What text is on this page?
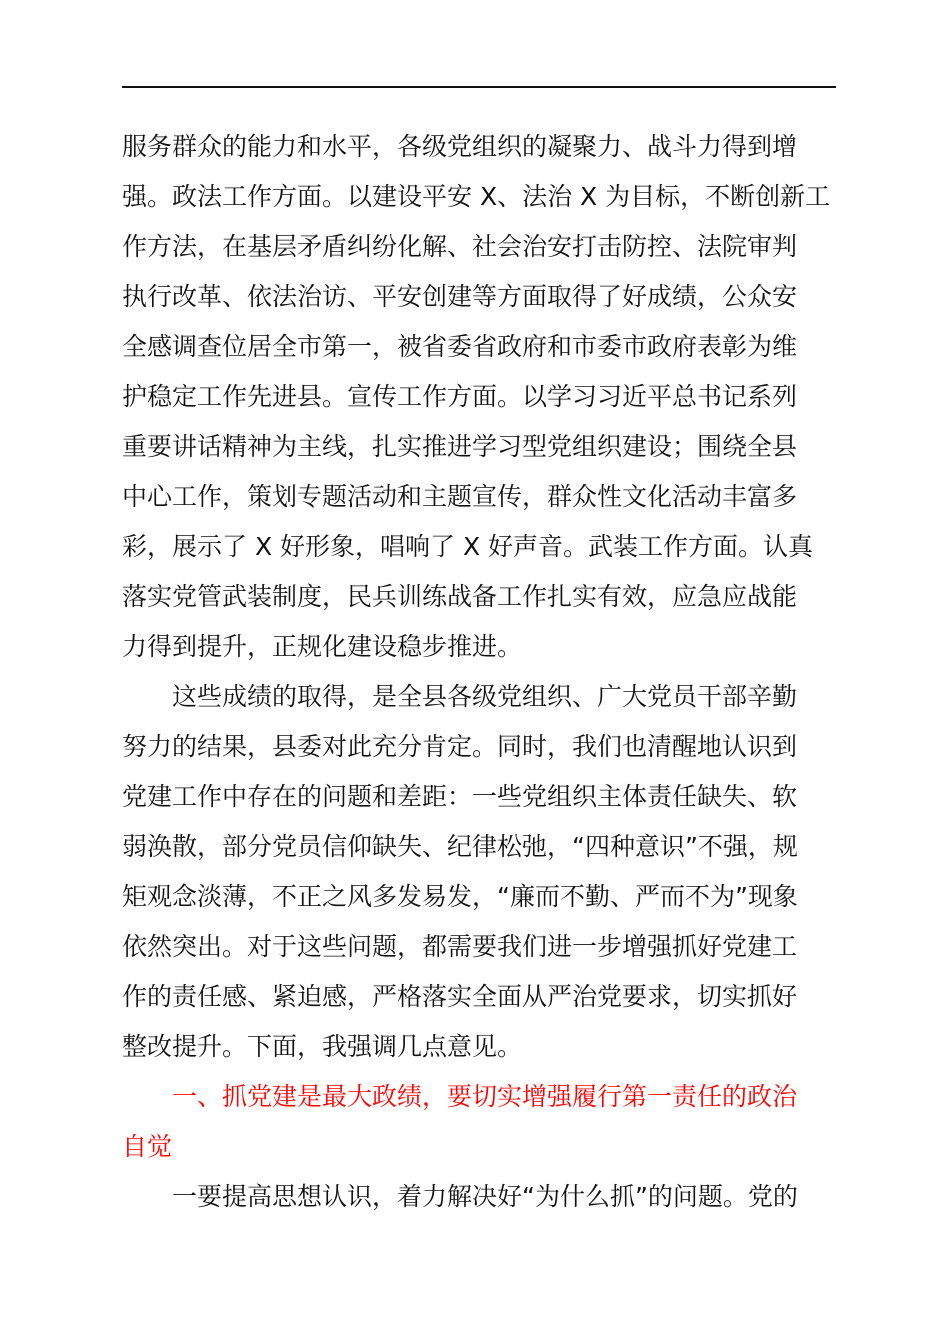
服务群众的能力和水平，各级党组织的凝聚力、战斗力得到增
强。政法工作方面。以建设平安 X、法治 X 为目标，不断创新工
作方法，在基层矛盾纠纷化解、社会治安打击防控、法院审判
执行改革、依法治访、平安创建等方面取得了好成绩，公众安
全感调查位居全市第一，被省委省政府和市委市政府表彰为维
护稳定工作先进县。宣传工作方面。以学习习近平总书记系列
重要讲话精神为主线，扎实推进学习型党组织建设；围绕全县
中心工作，策划专题活动和主题宣传，群众性文化活动丰富多
彩，展示了 X 好形象，唱响了 X 好声音。武装工作方面。认真
落实党管武装制度，民兵训练战备工作扎实有效，应急应战能
力得到提升，正规化建设稳步推进。
这些成绩的取得，是全县各级党组织、广大党员干部辛勤
努力的结果，县委对此充分肯定。同时，我们也清醒地认识到
党建工作中存在的问题和差距：一些党组织主体责任缺失、软
弱涣散，部分党员信仰缺失、纪律松弛，“四种意识”不强，规
矩观念淡薄，不正之风多发易发，“廉而不勤、严而不为”现象
依然突出。对于这些问题，都需要我们进一步增强抓好党建工
作的责任感、紧迫感，严格落实全面从严治党要求，切实抓好
整改提升。下面，我强调几点意见。
一、抓党建是最大政绩，要切实增强履行第一责任的政治
自觉
一要提高思想认识，着力解决好“为什么抓”的问题。党的
